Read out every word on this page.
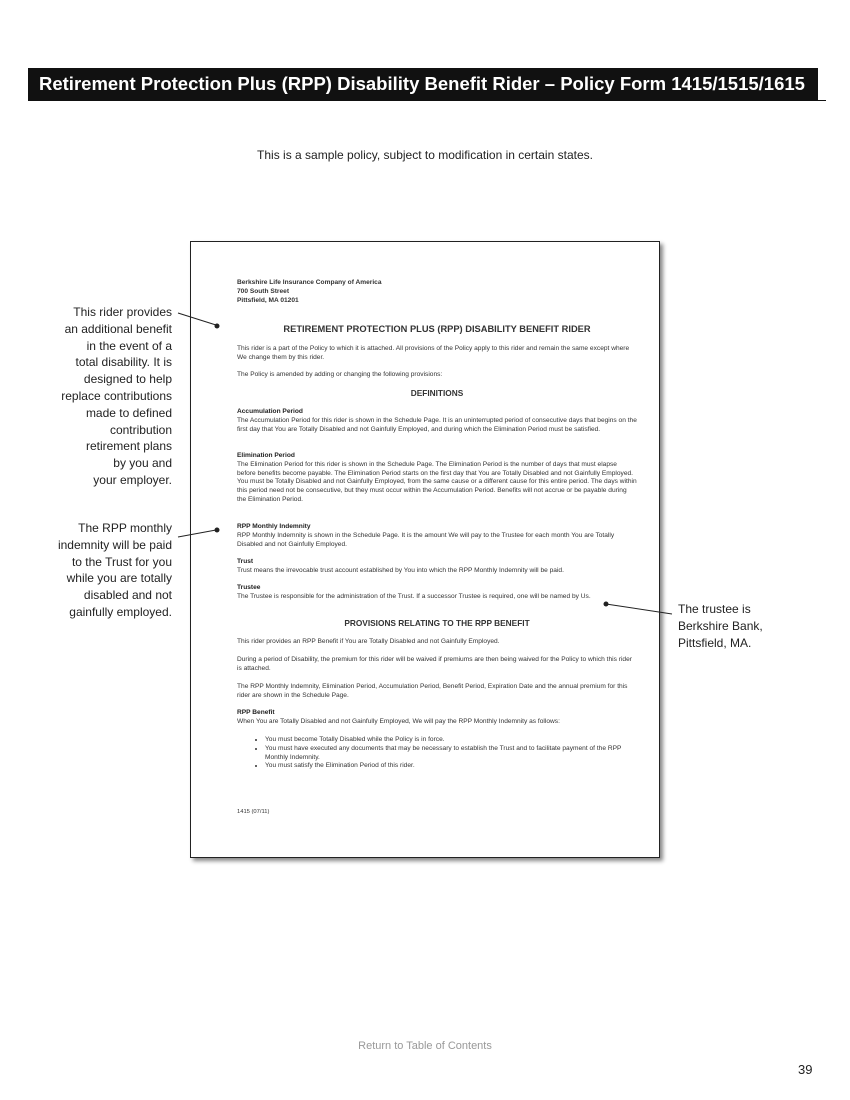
Retirement Protection Plus (RPP) Disability Benefit Rider – Policy Form 1415/1515/1615
This is a sample policy, subject to modification in certain states.
Berkshire Life Insurance Company of America
700 South Street
Pittsfield, MA 01201
RETIREMENT PROTECTION PLUS (RPP) DISABILITY BENEFIT RIDER
This rider is a part of the Policy to which it is attached. All provisions of the Policy apply to this rider and remain the same except where We change them by this rider.
The Policy is amended by adding or changing the following provisions:
DEFINITIONS
Accumulation Period
The Accumulation Period for this rider is shown in the Schedule Page. It is an uninterrupted period of consecutive days that begins on the first day that You are Totally Disabled and not Gainfully Employed, and during which the Elimination Period must be satisfied.
Elimination Period
The Elimination Period for this rider is shown in the Schedule Page. The Elimination Period is the number of days that must elapse before benefits become payable. The Elimination Period starts on the first day that You are Totally Disabled and not Gainfully Employed. You must be Totally Disabled and not Gainfully Employed, from the same cause or a different cause for this entire period. The days within this period need not be consecutive, but they must occur within the Accumulation Period. Benefits will not accrue or be payable during the Elimination Period.
RPP Monthly Indemnity
RPP Monthly Indemnity is shown in the Schedule Page. It is the amount We will pay to the Trustee for each month You are Totally Disabled and not Gainfully Employed.
Trust
Trust means the irrevocable trust account established by You into which the RPP Monthly Indemnity will be paid.
Trustee
The Trustee is responsible for the administration of the Trust. If a successor Trustee is required, one will be named by Us.
PROVISIONS RELATING TO THE RPP BENEFIT
This rider provides an RPP Benefit if You are Totally Disabled and not Gainfully Employed.
During a period of Disability, the premium for this rider will be waived if premiums are then being waived for the Policy to which this rider is attached.
The RPP Monthly Indemnity, Elimination Period, Accumulation Period, Benefit Period, Expiration Date and the annual premium for this rider are shown in the Schedule Page.
RPP Benefit
When You are Totally Disabled and not Gainfully Employed, We will pay the RPP Monthly Indemnity as follows:
• You must become Totally Disabled while the Policy is in force.
• You must have executed any documents that may be necessary to establish the Trust and to facilitate payment of the RPP Monthly Indemnity.
• You must satisfy the Elimination Period of this rider.
1415 (07/11)
This rider provides
an additional benefit
in the event of a
total disability. It is
designed to help
replace contributions
made to defined
contribution
retirement plans
by you and
your employer.
The RPP monthly
indemnity will be paid
to the Trust for you
while you are totally
disabled and not
gainfully employed.	The trustee is
Berkshire Bank,
Pittsfield, MA.
Return to Table of Contents
39
